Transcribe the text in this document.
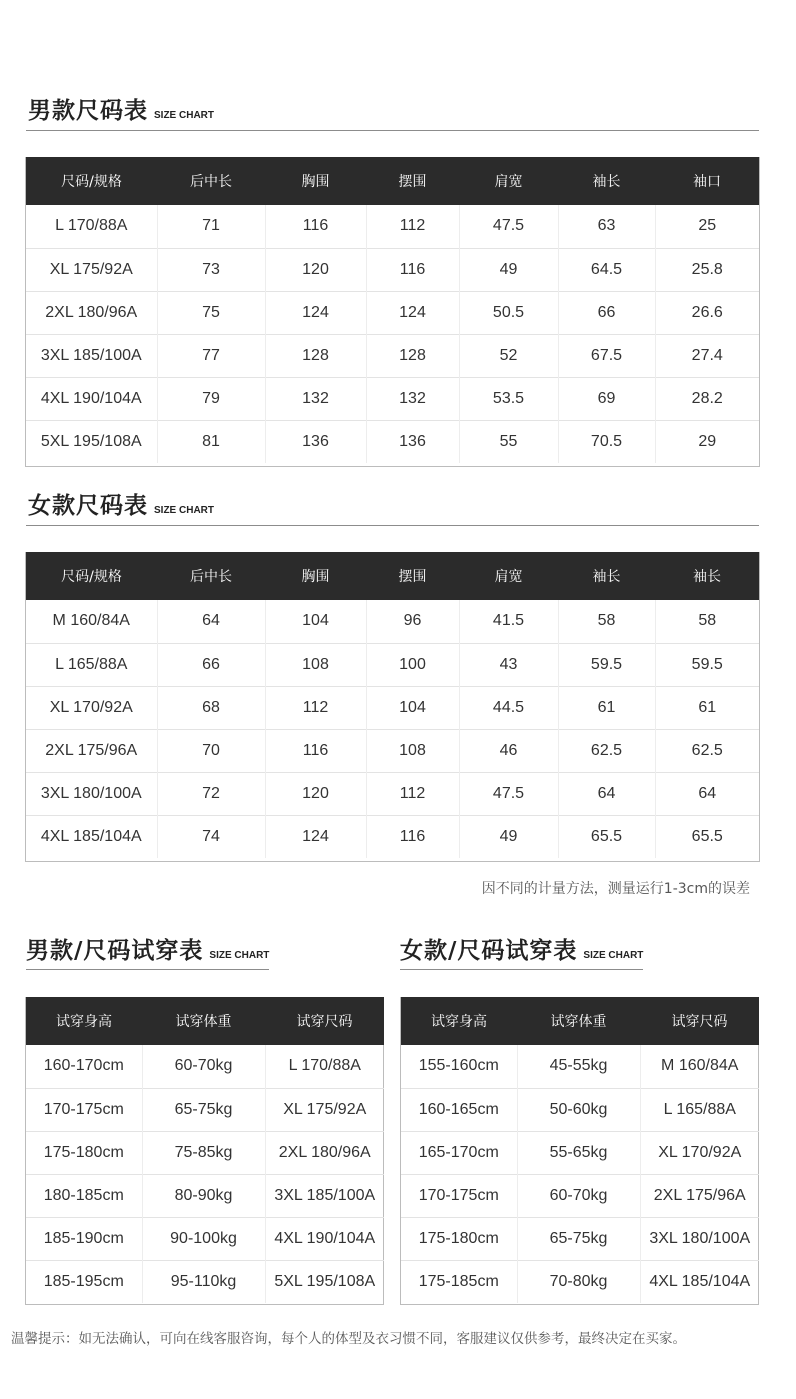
男款尺码表 SIZE CHART
尺码/规格	后中长	胸围	摆围	肩宽	袖长	袖口
L 170/88A	71	116	112	47.5	63	25
XL 175/92A	73	120	116	49	64.5	25.8
2XL 180/96A	75	124	124	50.5	66	26.6
3XL 185/100A	77	128	128	52	67.5	27.4
4XL 190/104A	79	132	132	53.5	69	28.2
5XL 195/108A	81	136	136	55	70.5	29
女款尺码表 SIZE CHART
尺码/规格	后中长	胸围	摆围	肩宽	袖长	袖长
M 160/84A	64	104	96	41.5	58	58
L 165/88A	66	108	100	43	59.5	59.5
XL 170/92A	68	112	104	44.5	61	61
2XL 175/96A	70	116	108	46	62.5	62.5
3XL 180/100A	72	120	112	47.5	64	64
4XL 185/104A	74	124	116	49	65.5	65.5
因不同的计量方法，测量运行1-3cm的误差
男款/尺码试穿表 SIZE CHART
试穿身高	试穿体重	试穿尺码
160-170cm	60-70kg	L 170/88A
170-175cm	65-75kg	XL 175/92A
175-180cm	75-85kg	2XL 180/96A
180-185cm	80-90kg	3XL 185/100A
185-190cm	90-100kg	4XL 190/104A
185-195cm	95-110kg	5XL 195/108A
女款/尺码试穿表 SIZE CHART
试穿身高	试穿体重	试穿尺码
155-160cm	45-55kg	M 160/84A
160-165cm	50-60kg	L 165/88A
165-170cm	55-65kg	XL 170/92A
170-175cm	60-70kg	2XL 175/96A
175-180cm	65-75kg	3XL 180/100A
175-185cm	70-80kg	4XL 185/104A
温馨提示：如无法确认，可向在线客服咨询，每个人的体型及衣习惯不同，客服建议仅供参考，最终决定在买家。
